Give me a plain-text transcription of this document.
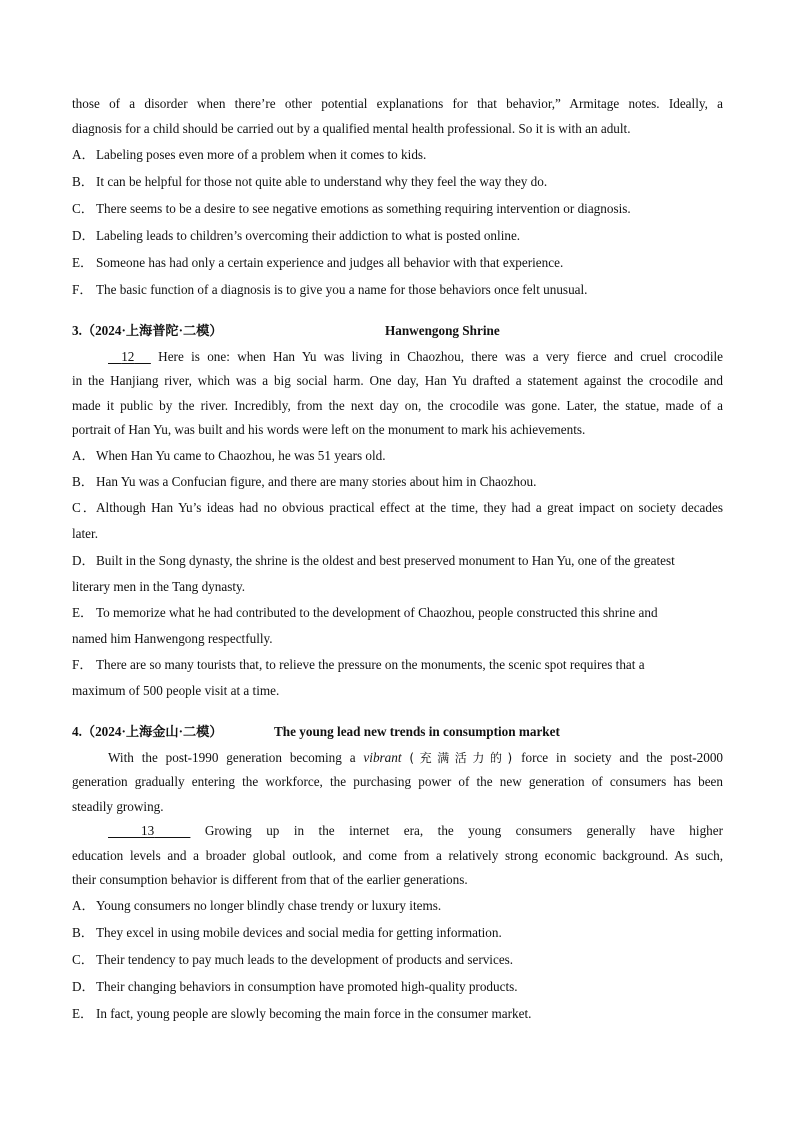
those of a disorder when there’re other potential explanations for that behavior,” Armitage notes. Ideally, a

diagnosis for a child should be carried out by a qualified mental health professional. So it is with an adult.

A．Labeling poses even more of a problem when it comes to kids.

B． It can be helpful for those not quite able to understand why they feel the way they do.

C． There seems to be a desire to see negative emotions as something requiring intervention or diagnosis.

D．Labeling leads to children’s overcoming their addiction to what is posted online.

E． Someone has had only a certain experience and judges all behavior with that experience.

F． The basic function of a diagnosis is to give you a name for those behaviors once felt unusual.

3.（2024·上海普陀·二模）	Hanwengong Shrine

12 Here is one: when Han Yu was living in Chaozhou, there was a very fierce and cruel crocodile

in the Hanjiang river, which was a big social harm. One day, Han Yu drafted a statement against the crocodile and

made it public by the river. Incredibly, from the next day on, the crocodile was gone. Later, the statue, made of a

portrait of Han Yu, was built and his words were left on the monument to mark his achievements.

A．When Han Yu came to Chaozhou, he was 51 years old.

B． Han Yu was a Confucian figure, and there are many stories about him in Chaozhou.

C．Although Han Yu’s ideas had no obvious practical effect at the time, they had a great impact on society decades

later.

D．Built in the Song dynasty, the shrine is the oldest and best preserved monument to Han Yu, one of the greatest

literary men in the Tang dynasty.

E． To memorize what he had contributed to the development of Chaozhou, people constructed this shrine and

named him Hanwengong respectfully.

F． There are so many tourists that, to relieve the pressure on the monuments, the scenic spot requires that a

maximum of 500 people visit at a time.

4.（2024·上海金山·二模）	The young lead new trends in consumption market

With the post-1990 generation becoming a vibrant (充满活力的) force in society and the post-2000

generation gradually entering the workforce, the purchasing power of the new generation of consumers has been

steadily growing.

13	Growing up in the internet era, the young consumers generally have higher

education levels and a broader global outlook, and come from a relatively strong economic background. As such,

their consumption behavior is different from that of the earlier generations.

A．Young consumers no longer blindly chase trendy or luxury items.

B． They excel in using mobile devices and social media for getting information.

C． Their tendency to pay much leads to the development of products and services.

D．Their changing behaviors in consumption have promoted high-quality products.

E． In fact, young people are slowly becoming the main force in the consumer market.
